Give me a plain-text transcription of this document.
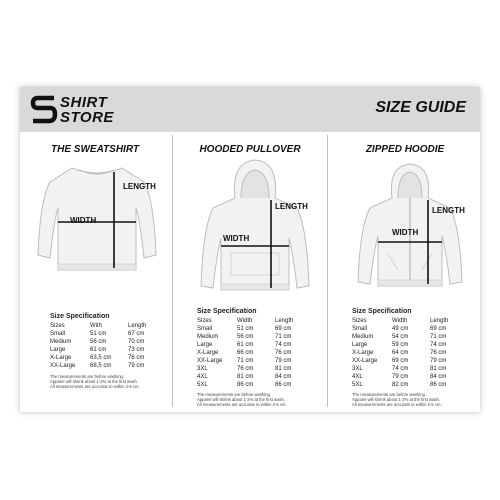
SHIRT
STORE
SIZE GUIDE
THE SWEATSHIRT
LENGTH
WIDTH
Size Specification
Sizes	With	Length
Small	51 cm	67 cm
Medium	56 cm	70 cm
Large	61 cm	73 cm
X-Large	63,5 cm	76 cm
XX-Large	68,5 cm	79 cm
The measurements are before washing.
Apparel will shrink about 1-2% at the first wash.
All measurements are accurate to within 2-5 cm.
HOODED PULLOVER
LENGTH
WIDTH
Size Specification
Sizes	Width	Length
Small	51 cm	69 cm
Medium	56 cm	71 cm
Large	61 cm	74 cm
X-Large	66 cm	76 cm
XX-Large	71 cm	79 cm
3XL	76 cm	81 cm
4XL	81 cm	84 cm
5XL	86 cm	86 cm
The measurements are before washing.
Apparel will shrink about 1-2% at the first wash.
All measurements are accurate to within 2-5 cm.
ZIPPED HOODIE
LENGTH
WIDTH
Size Specification
Sizes	Width	Length
Small	49 cm	69 cm
Medium	54 cm	71 cm
Large	59 cm	74 cm
X-Large	64 cm	76 cm
XX-Large	69 cm	79 cm
3XL	74 cm	81 cm
4XL	79 cm	84 cm
5XL	82 cm	86 cm
The measurements are before washing.
Apparel will shrink about 1-2% at the first wash.
All measurements are accurate to within 2-5 cm.
